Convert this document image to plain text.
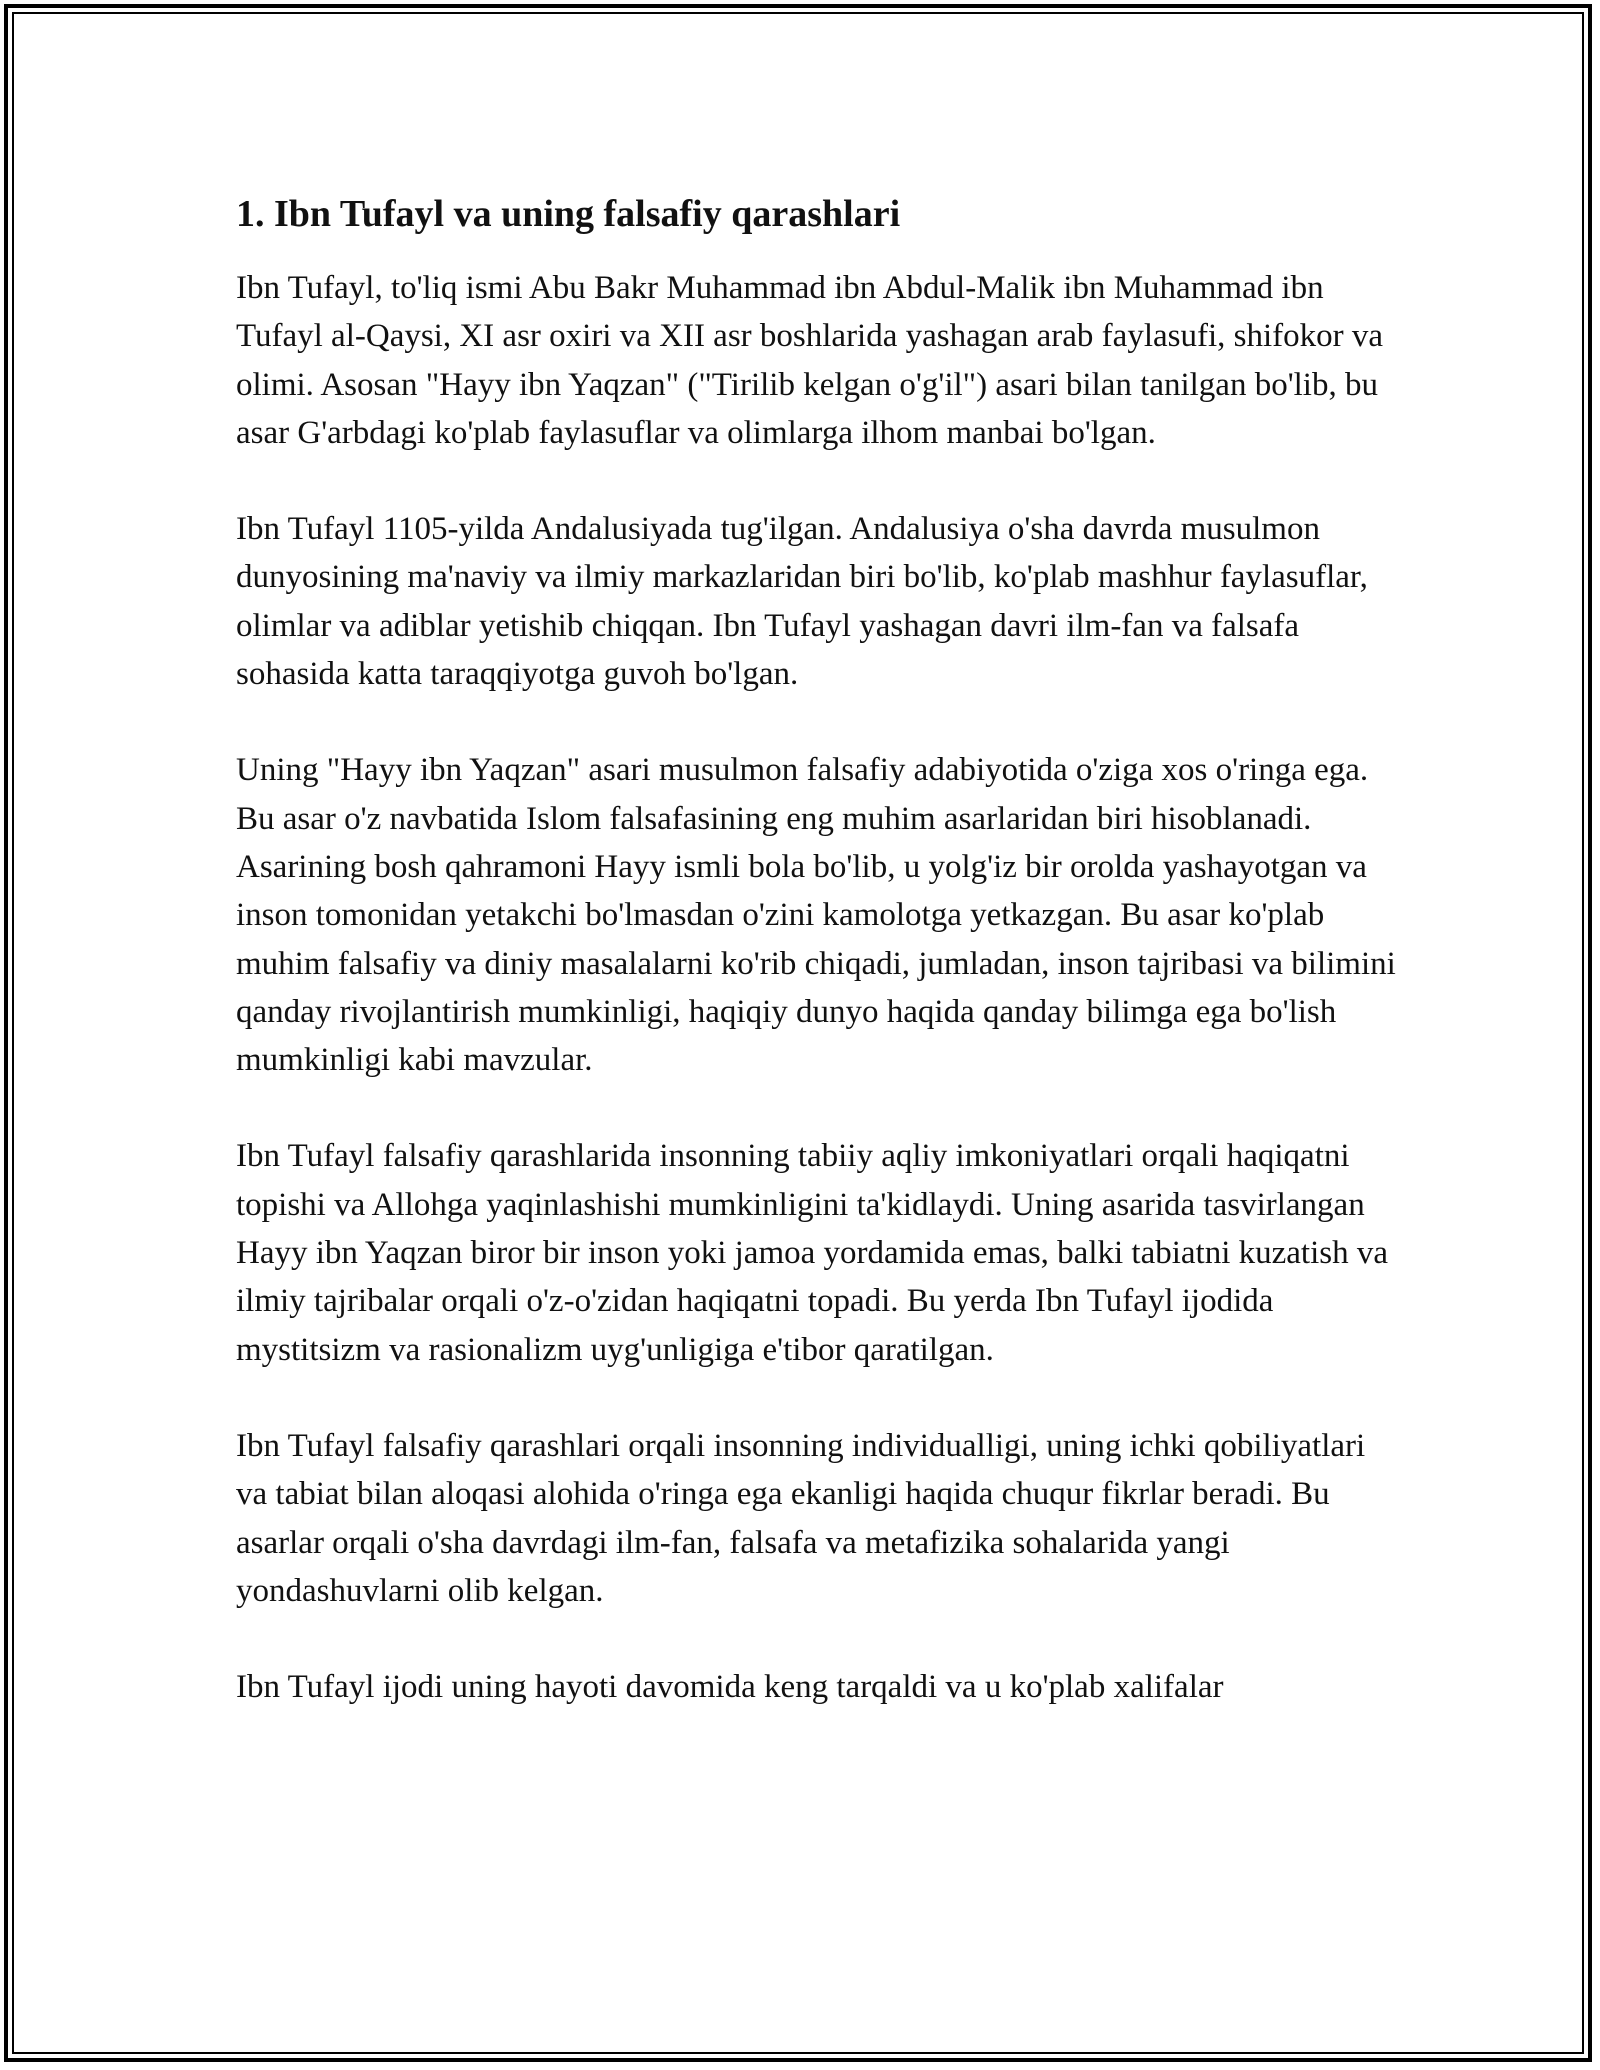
1. Ibn Tufayl va uning falsafiy qarashlari

Ibn Tufayl, to'liq ismi Abu Bakr Muhammad ibn Abdul-Malik ibn Muhammad ibn Tufayl al-Qaysi, XI asr oxiri va XII asr boshlarida yashagan arab faylasufi, shifokor va olimi. Asosan "Hayy ibn Yaqzan" ("Tirilib kelgan o'g'il") asari bilan tanilgan bo'lib, bu asar G'arbdagi ko'plab faylasuflar va olimlarga ilhom manbai bo'lgan.

Ibn Tufayl 1105-yilda Andalusiyada tug'ilgan. Andalusiya o'sha davrda musulmon dunyosining ma'naviy va ilmiy markazlaridan biri bo'lib, ko'plab mashhur faylasuflar, olimlar va adiblar yetishib chiqqan. Ibn Tufayl yashagan davri ilm-fan va falsafa sohasida katta taraqqiyotga guvoh bo'lgan.

Uning "Hayy ibn Yaqzan" asari musulmon falsafiy adabiyotida o'ziga xos o'ringa ega. Bu asar o'z navbatida Islom falsafasining eng muhim asarlaridan biri hisoblanadi. Asarining bosh qahramoni Hayy ismli bola bo'lib, u yolg'iz bir orolda yashayotgan va inson tomonidan yetakchi bo'lmasdan o'zini kamolotga yetkazgan. Bu asar ko'plab muhim falsafiy va diniy masalalarni ko'rib chiqadi, jumladan, inson tajribasi va bilimini qanday rivojlantirish mumkinligi, haqiqiy dunyo haqida qanday bilimga ega bo'lish mumkinligi kabi mavzular.

Ibn Tufayl falsafiy qarashlarida insonning tabiiy aqliy imkoniyatlari orqali haqiqatni topishi va Allohga yaqinlashishi mumkinligini ta'kidlaydi. Uning asarida tasvirlangan Hayy ibn Yaqzan biror bir inson yoki jamoa yordamida emas, balki tabiatni kuzatish va ilmiy tajribalar orqali o'z-o'zidan haqiqatni topadi. Bu yerda Ibn Tufayl ijodida mystitsizm va rasionalizm uyg'unligiga e'tibor qaratilgan.

Ibn Tufayl falsafiy qarashlari orqali insonning individualligi, uning ichki qobiliyatlari va tabiat bilan aloqasi alohida o'ringa ega ekanligi haqida chuqur fikrlar beradi. Bu asarlar orqali o'sha davrdagi ilm-fan, falsafa va metafizika sohalarida yangi yondashuvlarni olib kelgan.

Ibn Tufayl ijodi uning hayoti davomida keng tarqaldi va u ko'plab xalifalar
